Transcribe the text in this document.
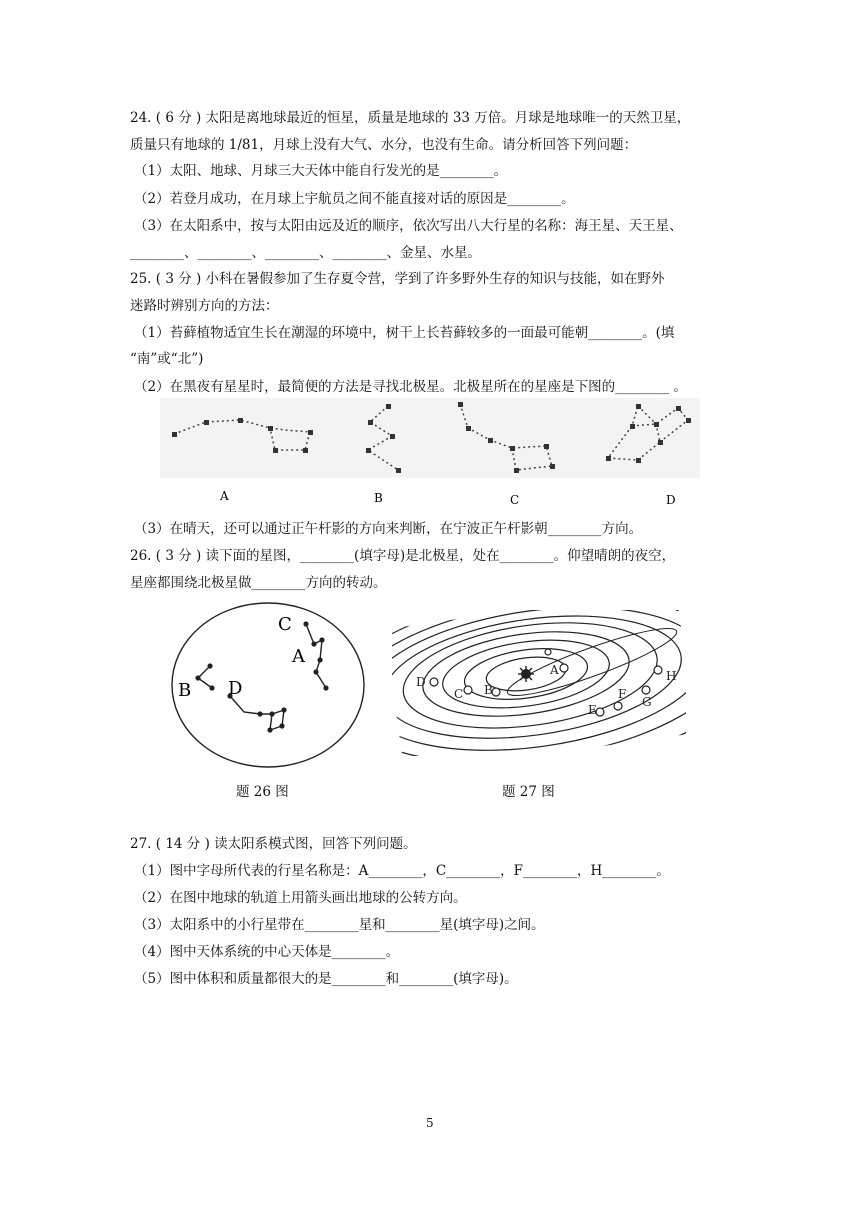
24. ( 6 分 ) 太阳是离地球最近的恒星，质量是地球的 33 万倍。月球是地球唯一的天然卫星，
质量只有地球的 1/81，月球上没有大气、水分，也没有生命。请分析回答下列问题：
（1）太阳、地球、月球三大天体中能自行发光的是________。
（2）若登月成功，在月球上宇航员之间不能直接对话的原因是________。
（3）在太阳系中，按与太阳由远及近的顺序，依次写出八大行星的名称：海王星、天王星、
________、________、________、________、金星、水星。
25. ( 3 分 ) 小科在暑假参加了生存夏令营，学到了许多野外生存的知识与技能，如在野外
迷路时辨别方向的方法：
（1）苔藓植物适宜生长在潮湿的环境中，树干上长苔藓较多的一面最可能朝________。(填
“南”或“北”)
（2）在黑夜有星星时，最简便的方法是寻找北极星。北极星所在的星座是下图的________ 。
A	B	C	D
（3）在晴天，还可以通过正午杆影的方向来判断，在宁波正午杆影朝________方向。
26. ( 3 分 ) 读下面的星图，________(填字母)是北极星，处在________。仰望晴朗的夜空，
星座都围绕北极星做________方向的转动。
C
A
B D	D
C B
A
E
F
G
H
题 26 图	题 27 图
27. ( 14 分 ) 读太阳系模式图，回答下列问题。
（1）图中字母所代表的行星名称是：A________，C________，F________，H________。
（2）在图中地球的轨道上用箭头画出地球的公转方向。
（3）太阳系中的小行星带在________星和________星(填字母)之间。
（4）图中天体系统的中心天体是________。
（5）图中体积和质量都很大的是________和________(填字母)。
5
